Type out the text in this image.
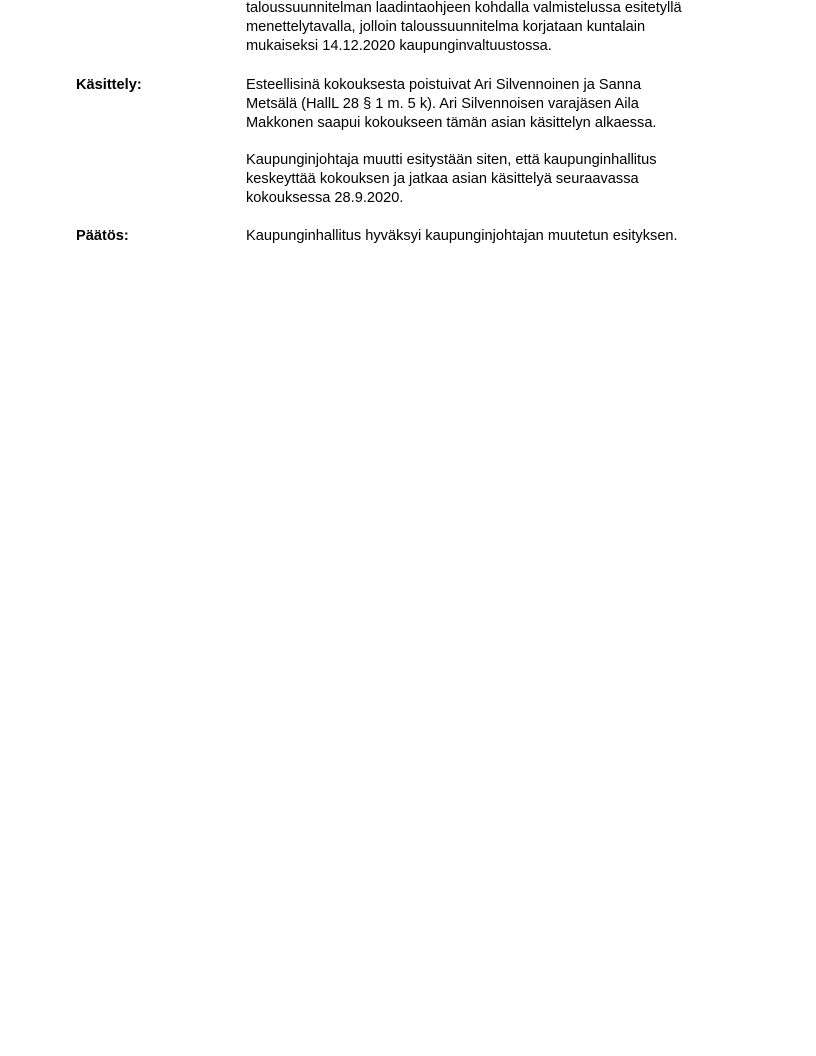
taloussuunnitelman laadintaohjeen kohdalla valmistelussa esitetyllä
menettelytavalla, jolloin taloussuunnitelma korjataan kuntalain
mukaiseksi 14.12.2020 kaupunginvaltuustossa.
Käsittely:	Esteellisinä kokouksesta poistuivat Ari Silvennoinen ja Sanna
Metsälä (HallL 28 § 1 m. 5 k). Ari Silvennoisen varajäsen Aila
Makkonen saapui kokoukseen tämän asian käsittelyn alkaessa.
Kaupunginjohtaja muutti esitystään siten, että kaupunginhallitus
keskeyttää kokouksen ja jatkaa asian käsittelyä seuraavassa
kokouksessa 28.9.2020.
Päätös:	Kaupunginhallitus hyväksyi kaupunginjohtajan muutetun esityksen.
